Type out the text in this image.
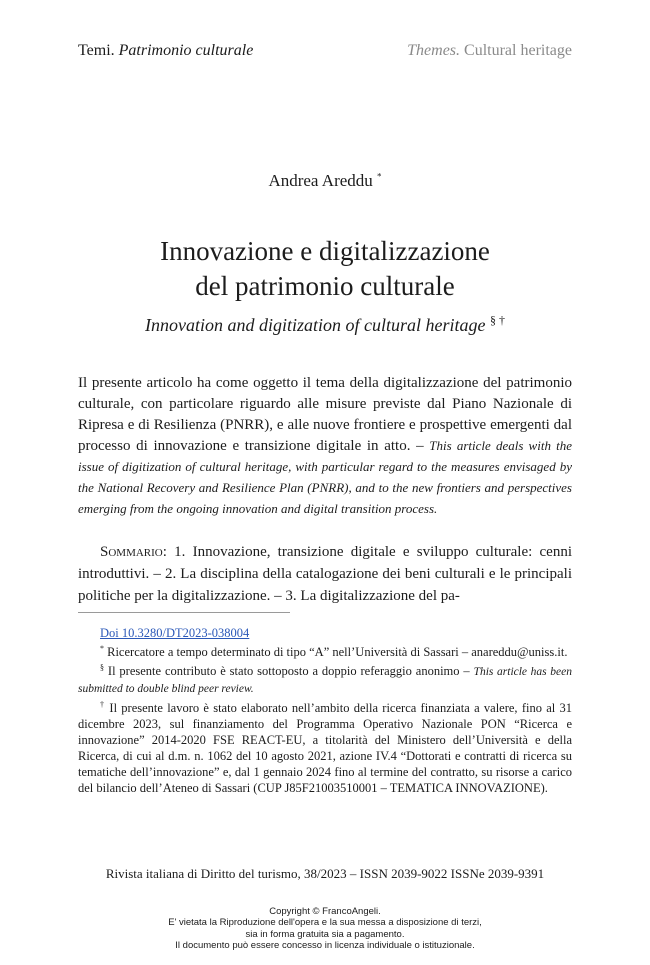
Temi. Patrimonio culturale	Themes. Cultural heritage
Andrea Areddu *
Innovazione e digitalizzazione
del patrimonio culturale
Innovation and digitization of cultural heritage § †
Il presente articolo ha come oggetto il tema della digitalizzazione del patrimonio culturale, con particolare riguardo alle misure previste dal Piano Nazionale di Ripresa e di Resilienza (PNRR), e alle nuove frontiere e prospettive emergenti dal processo di innovazione e transizione digitale in atto. – This article deals with the issue of digitization of cultural heritage, with particular regard to the measures envisaged by the National Recovery and Resilience Plan (PNRR), and to the new frontiers and perspectives emerging from the ongoing innovation and digital transition process.
Sommario: 1. Innovazione, transizione digitale e sviluppo culturale: cenni introduttivi. – 2. La disciplina della catalogazione dei beni culturali e le principali politiche per la digitalizzazione. – 3. La digitalizzazione del pa-

Doi 10.3280/DT2023-038004

* Ricercatore a tempo determinato di tipo “A” nell’Università di Sassari – anareddu@uniss.it.

§ Il presente contributo è stato sottoposto a doppio referaggio anonimo – This article has been submitted to double blind peer review.

† Il presente lavoro è stato elaborato nell’ambito della ricerca finanziata a valere, fino al 31 dicembre 2023, sul finanziamento del Programma Operativo Nazionale PON “Ricerca e innovazione” 2014-2020 FSE REACT-EU, a titolarità del Ministero dell’Università e della Ricerca, di cui al d.m. n. 1062 del 10 agosto 2021, azione IV.4 “Dottorati e contratti di ricerca su tematiche dell’innovazione” e, dal 1 gennaio 2024 fino al termine del contratto, su risorse a carico del bilancio dell’Ateneo di Sassari (CUP J85F21003510001 – TEMATICA INNOVAZIONE).

Rivista italiana di Diritto del turismo, 38/2023 – ISSN 2039-9022 ISSNe 2039-9391
Copyright © FrancoAngeli.
E' vietata la Riproduzione dell'opera e la sua messa a disposizione di terzi,
sia in forma gratuita sia a pagamento.
Il documento può essere concesso in licenza individuale o istituzionale.
